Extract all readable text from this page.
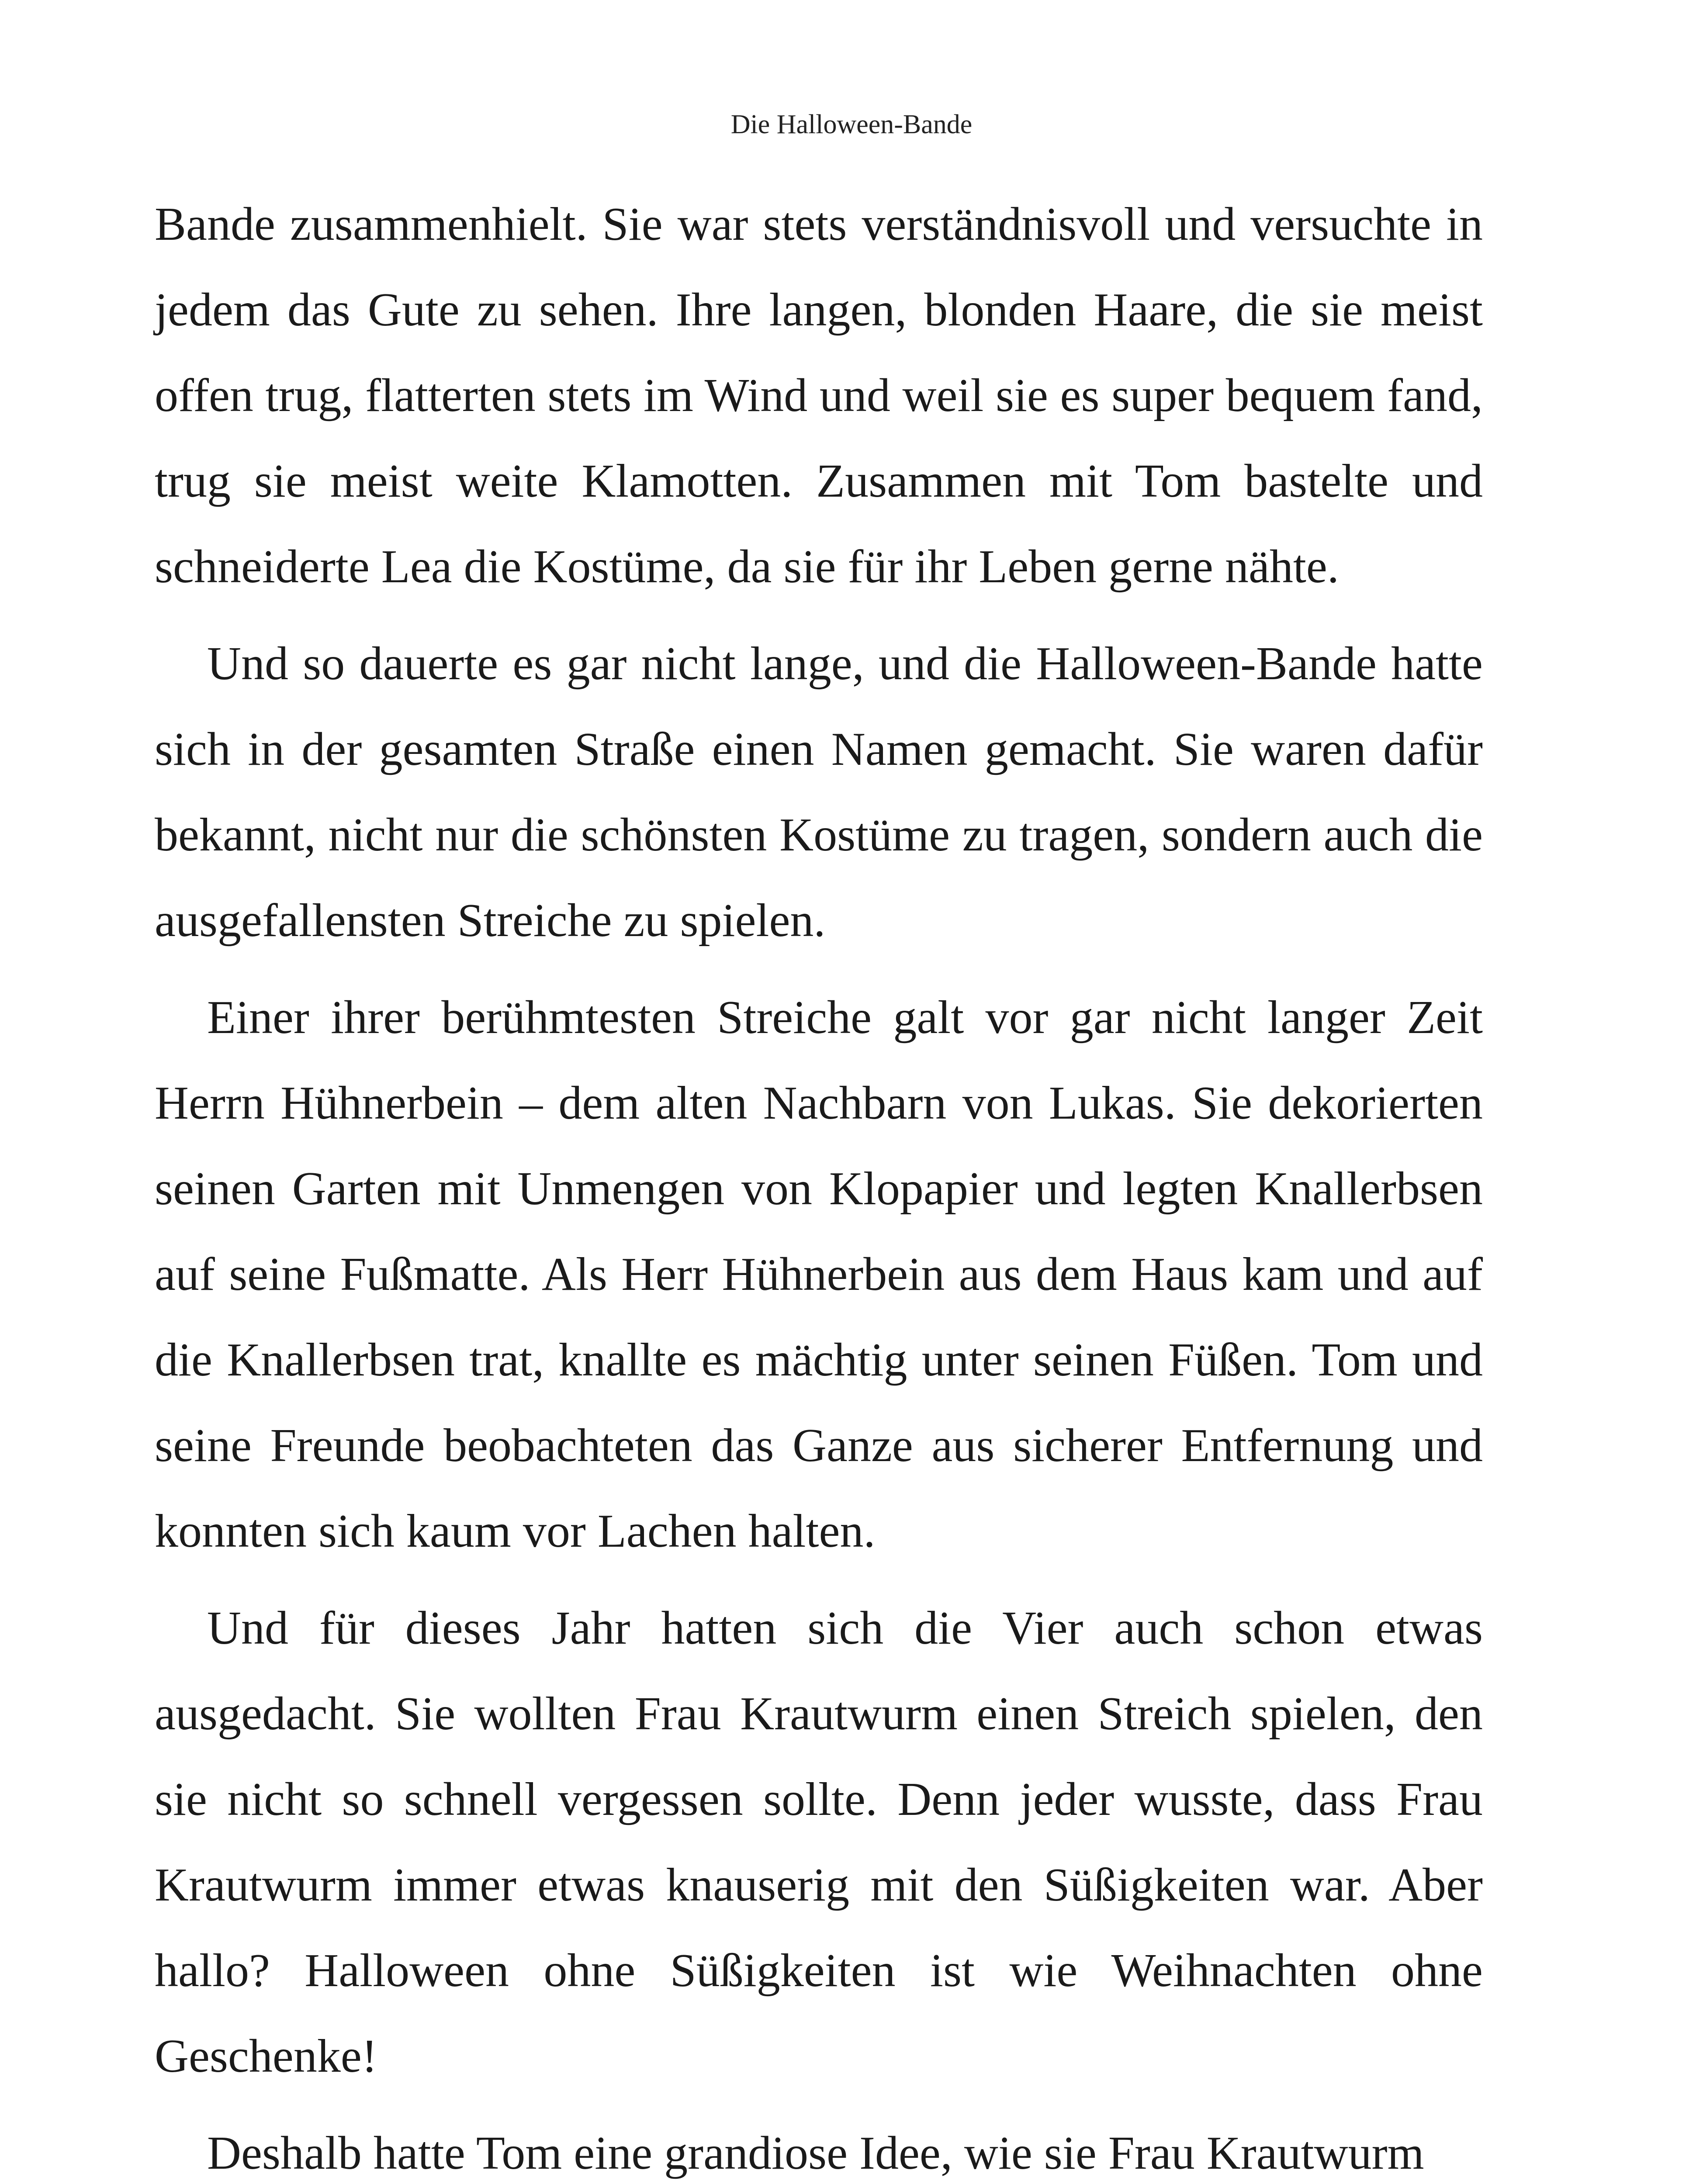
Die Halloween-Bande

Bande zusammenhielt. Sie war stets verständnisvoll und versuchte in jedem das Gute zu sehen. Ihre langen, blonden Haare, die sie meist offen trug, flatterten stets im Wind und weil sie es super bequem fand, trug sie meist weite Klamotten. Zusammen mit Tom bastelte und schneiderte Lea die Kostüme, da sie für ihr Leben gerne nähte.

Und so dauerte es gar nicht lange, und die Halloween-Bande hatte sich in der gesamten Straße einen Namen gemacht. Sie waren dafür bekannt, nicht nur die schönsten Kostüme zu tragen, sondern auch die ausgefallensten Streiche zu spielen.

Einer ihrer berühmtesten Streiche galt vor gar nicht langer Zeit Herrn Hühnerbein – dem alten Nachbarn von Lukas. Sie dekorierten seinen Garten mit Unmengen von Klopapier und legten Knallerbsen auf seine Fußmatte. Als Herr Hühnerbein aus dem Haus kam und auf die Knallerbsen trat, knallte es mächtig unter seinen Füßen. Tom und seine Freunde beobachteten das Ganze aus sicherer Entfernung und konnten sich kaum vor Lachen halten.

Und für dieses Jahr hatten sich die Vier auch schon etwas ausgedacht. Sie wollten Frau Krautwurm einen Streich spielen, den sie nicht so schnell vergessen sollte. Denn jeder wusste, dass Frau Krautwurm immer etwas knauserig mit den Süßigkeiten war. Aber hallo? Halloween ohne Süßigkeiten ist wie Weihnachten ohne Geschenke!

Deshalb hatte Tom eine grandiose Idee, wie sie Frau Krautwurm
